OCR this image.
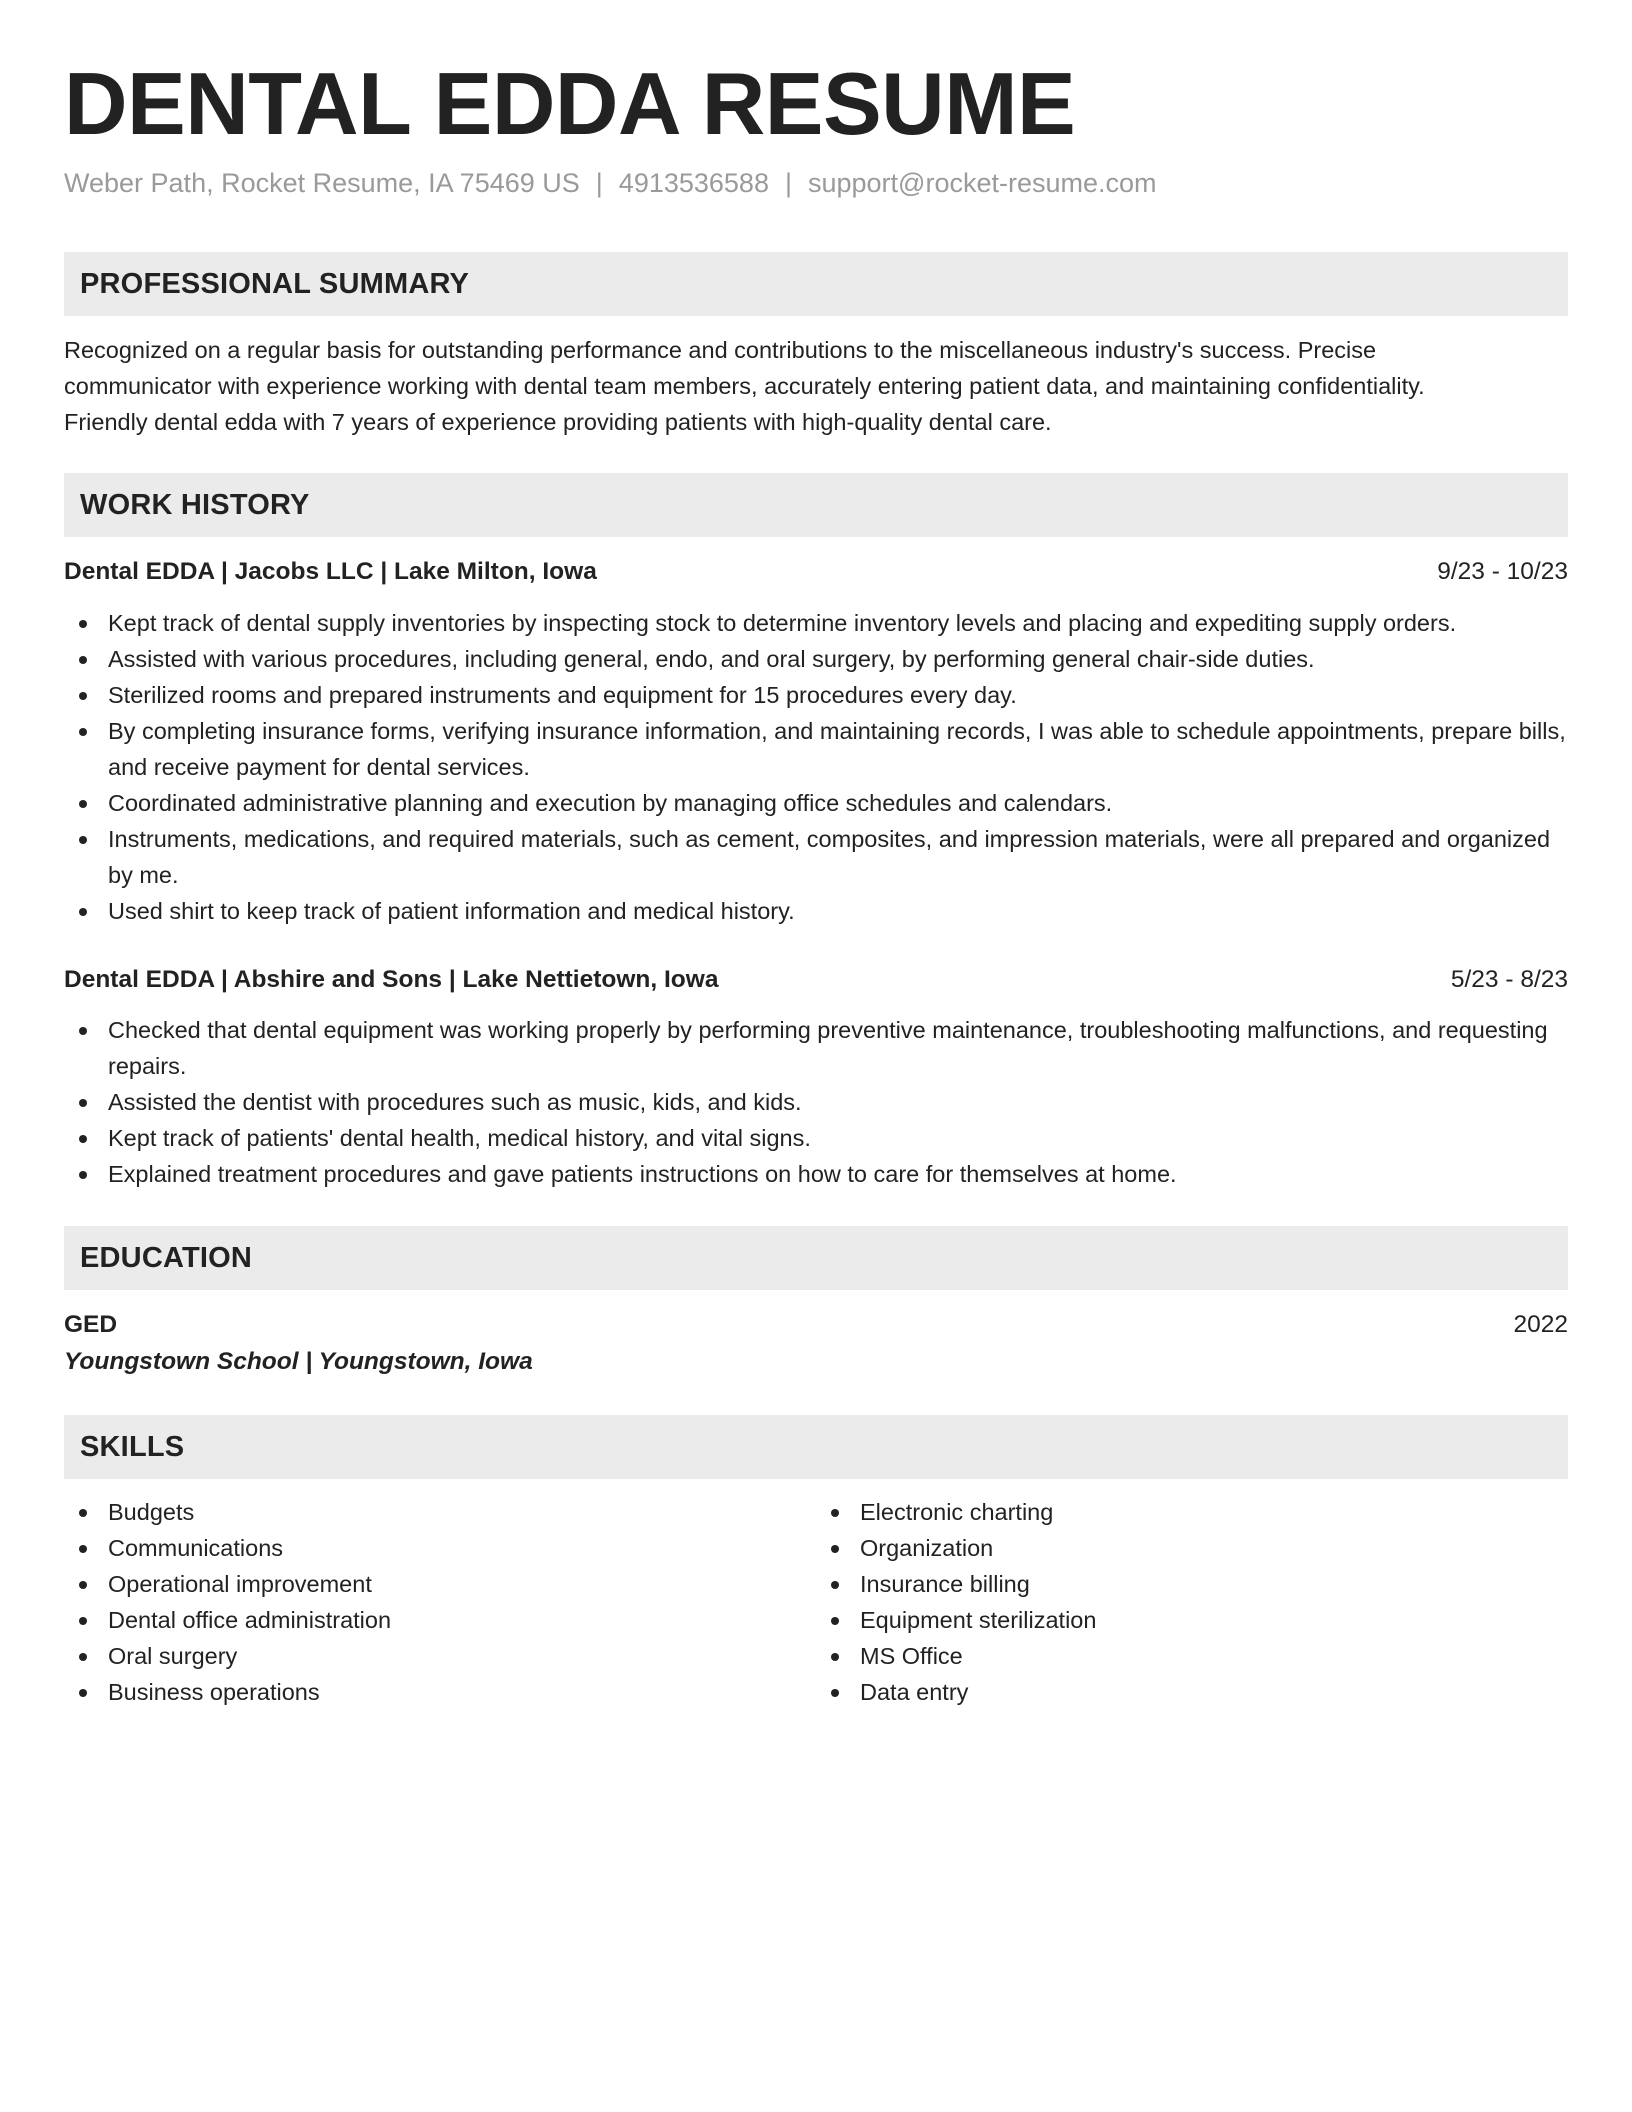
DENTAL EDDA RESUME
Weber Path, Rocket Resume, IA 75469 US | 4913536588 | support@rocket-resume.com
PROFESSIONAL SUMMARY

Recognized on a regular basis for outstanding performance and contributions to the miscellaneous industry's success. Precise
communicator with experience working with dental team members, accurately entering patient data, and maintaining confidentiality.
Friendly dental edda with 7 years of experience providing patients with high-quality dental care.

WORK HISTORY
Dental EDDA | Jacobs LLC | Lake Milton, Iowa	9/23 - 10/23
Kept track of dental supply inventories by inspecting stock to determine inventory levels and placing and expediting supply orders.
Assisted with various procedures, including general, endo, and oral surgery, by performing general chair-side duties.
Sterilized rooms and prepared instruments and equipment for 15 procedures every day.
By completing insurance forms, verifying insurance information, and maintaining records, I was able to schedule appointments, prepare bills, and receive payment for dental services.
Coordinated administrative planning and execution by managing office schedules and calendars.
Instruments, medications, and required materials, such as cement, composites, and impression materials, were all prepared and organized by me.
Used shirt to keep track of patient information and medical history.
Dental EDDA | Abshire and Sons | Lake Nettietown, Iowa	5/23 - 8/23
Checked that dental equipment was working properly by performing preventive maintenance, troubleshooting malfunctions, and requesting repairs.
Assisted the dentist with procedures such as music, kids, and kids.
Kept track of patients' dental health, medical history, and vital signs.
Explained treatment procedures and gave patients instructions on how to care for themselves at home.
EDUCATION
GED	2022
Youngstown School | Youngstown, Iowa
SKILLS
Budgets
Communications
Operational improvement
Dental office administration
Oral surgery
Business operations
Electronic charting
Organization
Insurance billing
Equipment sterilization
MS Office
Data entry
